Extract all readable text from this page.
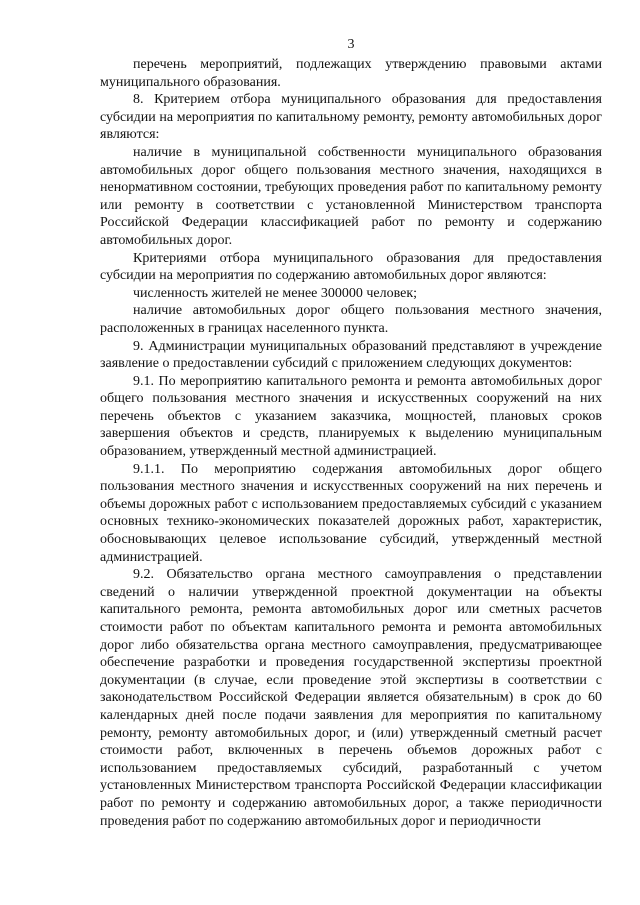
3

перечень мероприятий, подлежащих утверждению правовыми актами муниципального образования.

8. Критерием отбора муниципального образования для предоставления субсидии на мероприятия по капитальному ремонту, ремонту автомобильных дорог являются:

наличие в муниципальной собственности муниципального образования автомобильных дорог общего пользования местного значения, находящихся в ненормативном состоянии, требующих проведения работ по капитальному ремонту или ремонту в соответствии с установленной Министерством транспорта Российской Федерации классификацией работ по ремонту и содержанию автомобильных дорог.

Критериями отбора муниципального образования для предоставления субсидии на мероприятия по содержанию автомобильных дорог являются:

численность жителей не менее 300000 человек;

наличие автомобильных дорог общего пользования местного значения, расположенных в границах населенного пункта.

9. Администрации муниципальных образований представляют в учреждение заявление о предоставлении субсидий с приложением следующих документов:

9.1. По мероприятию капитального ремонта и ремонта автомобильных дорог общего пользования местного значения и искусственных сооружений на них перечень объектов с указанием заказчика, мощностей, плановых сроков завершения объектов и средств, планируемых к выделению муниципальным образованием, утвержденный местной администрацией.

9.1.1. По мероприятию содержания автомобильных дорог общего пользования местного значения и искусственных сооружений на них перечень и объемы дорожных работ с использованием предоставляемых субсидий с указанием основных технико-экономических показателей дорожных работ, характеристик, обосновывающих целевое использование субсидий, утвержденный местной администрацией.

9.2. Обязательство органа местного самоуправления о представлении сведений о наличии утвержденной проектной документации на объекты капитального ремонта, ремонта автомобильных дорог или сметных расчетов стоимости работ по объектам капитального ремонта и ремонта автомобильных дорог либо обязательства органа местного самоуправления, предусматривающее обеспечение разработки и проведения государственной экспертизы проектной документации (в случае, если проведение этой экспертизы в соответствии с законодательством Российской Федерации является обязательным) в срок до 60 календарных дней после подачи заявления для мероприятия по капитальному ремонту, ремонту автомобильных дорог, и (или) утвержденный сметный расчет стоимости работ, включенных в перечень объемов дорожных работ с использованием предоставляемых субсидий, разработанный с учетом установленных Министерством транспорта Российской Федерации классификации работ по ремонту и содержанию автомобильных дорог, а также периодичности проведения работ по содержанию автомобильных дорог и периодичности
